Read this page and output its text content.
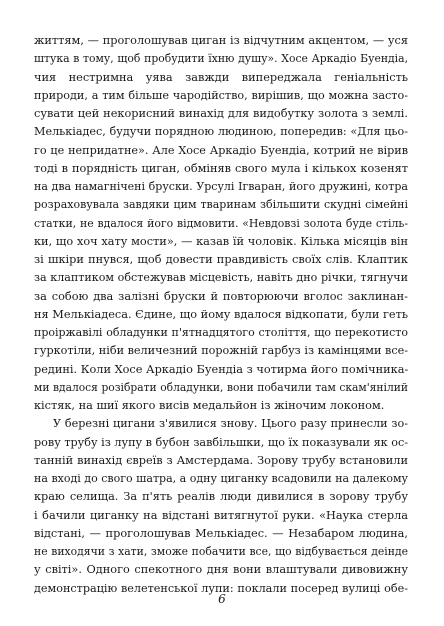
життям, — проголошував циган із відчутним акцентом, — уся
штука в тому, щоб пробудити їхню душу». Хосе Аркадіо Буендіа,
чия нестримна уява завжди випереджала геніальність
природи, а тим більше чародійство, вирішив, що можна засто-
сувати цей некорисний винахід для видобутку золота з землі.
Мелькіадес, будучи порядною людиною, попередив: «Для цьо-
го це непридатне». Але Хосе Аркадіо Буендіа, котрий не вірив
тоді в порядність циган, обміняв свого мула і кількох козенят
на два намагнічені бруски. Урсулі Ігваран, його дружині, котра
розраховувала завдяки цим тваринам збільшити скудні сімейні
статки, не вдалося його відмовити. «Невдовзі золота буде стіль-
ки, що хоч хату мости», — казав їй чоловік. Кілька місяців він
зі шкіри пнувся, щоб довести правдивість своїх слів. Клаптик
за клаптиком обстежував місцевість, навіть дно річки, тягнучи
за собою два залізні бруски й повторюючи вголос заклинан-
ня Мелькіадеса. Єдине, що йому вдалося відкопати, були геть
проіржавілі обладунки п'ятнадцятого століття, що перекотисто
гуркотіли, ніби величезний порожній гарбуз із камінцями все-
редині. Коли Хосе Аркадіо Буендіа з чотирма його помічника-
ми вдалося розібрати обладунки, вони побачили там скам'янілий
кістяк, на шиї якого висів медальйон із жіночим локоном.
У березні цигани з'явилися знову. Цього разу принесли зо-
рову трубу із лупу в бубон завбільшки, що їх показували як ос-
танній винахід євреїв з Амстердама. Зорову трубу встановили
на вході до свого шатра, а одну циганку всадовили на далекому
краю селища. За п'ять реалів люди дивилися в зорову трубу
і бачили циганку на відстані витягнутої руки. «Наука стерла
відстані, — проголошував Мелькіадес. — Незабаром людина,
не виходячи з хати, зможе побачити все, що відбувається деінде
у світі». Одного спекотного дня вони влаштували дивовижну
демонстрацію велетенської лупи: поклали посеред вулиці обе-
6
